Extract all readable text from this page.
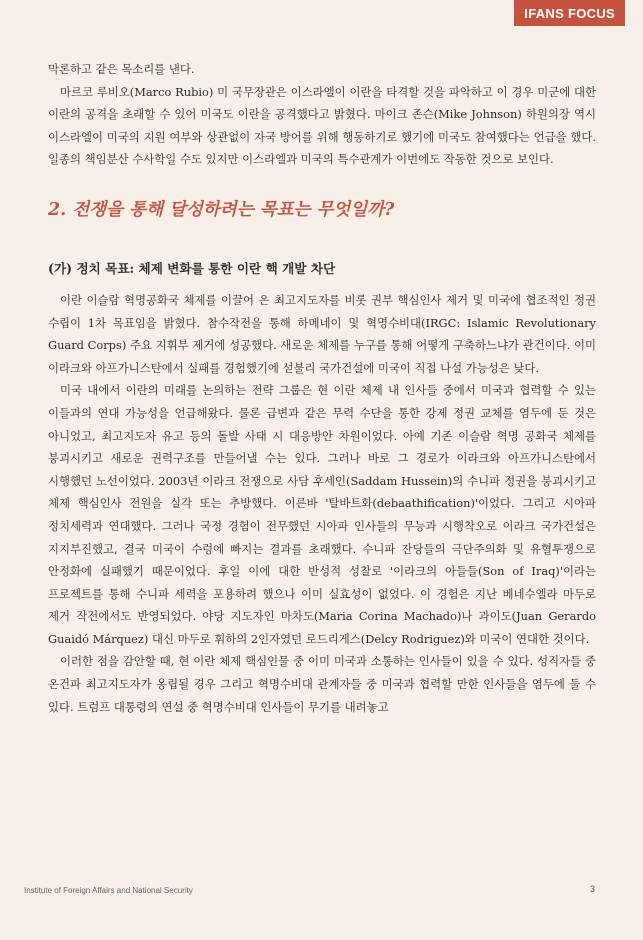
IFANS FOCUS

막론하고 같은 목소리를 낸다.

마르코 루비오(Marco Rubio) 미 국무장관은 이스라엘이 이란을 타격할 것을 파악하고 이 경우 미군에 대한 이란의 공격을 초래할 수 있어 미국도 이란을 공격했다고 밝혔다. 마이크 존슨(Mike Johnson) 하원의장 역시 이스라엘이 미국의 지원 여부와 상관없이 자국 방어를 위해 행동하기로 했기에 미국도 참여했다는 언급을 했다. 일종의 책임분산 수사학일 수도 있지만 이스라엘과 미국의 특수관계가 이번에도 작동한 것으로 보인다.

2. 전쟁을 통해 달성하려는 목표는 무엇일까?
(가) 정치 목표: 체제 변화를 통한 이란 핵 개발 차단

이란 이슬람 혁명공화국 체제를 이끌어 온 최고지도자를 비롯 권부 핵심인사 제거 및 미국에 협조적인 정권 수립이 1차 목표임을 밝혔다. 참수작전을 통해 하메네이 및 혁명수비대(IRGC: Islamic Revolutionary Guard Corps) 주요 지휘부 제거에 성공했다. 새로운 체제를 누구를 통해 어떻게 구축하느냐가 관건이다. 이미 이라크와 아프가니스탄에서 실패를 경험했기에 섣불리 국가건설에 미국이 직접 나설 가능성은 낮다.

미국 내에서 이란의 미래를 논의하는 전략 그룹은 현 이란 체제 내 인사들 중에서 미국과 협력할 수 있는 이들과의 연대 가능성을 언급해왔다. 물론 급변과 같은 무력 수단을 통한 강제 정권 교체를 염두에 둔 것은 아니었고, 최고지도자 유고 등의 돌발 사태 시 대응방안 차원이었다. 아예 기존 이슬람 혁명 공화국 체제를 붕괴시키고 새로운 권력구조를 만들어낼 수는 있다. 그러나 바로 그 경로가 이라크와 아프가니스탄에서 시행했던 노선이었다. 2003년 이라크 전쟁으로 사담 후세인(Saddam Hussein)의 수니파 정권을 붕괴시키고 체제 핵심인사 전원을 실각 또는 추방했다. 이른바 '탈바트화(debaathification)'이었다. 그리고 시아파 정치세력과 연대했다. 그러나 국정 경험이 전무했던 시아파 인사들의 무능과 시행착오로 이라크 국가건설은 지지부진했고, 결국 미국이 수렁에 빠지는 결과를 초래했다. 수니파 잔당들의 극단주의화 및 유혈투쟁으로 안정화에 실패했기 때문이었다. 후일 이에 대한 반성적 성찰로 '이라크의 아들들(Son of Iraq)'이라는 프로젝트를 통해 수니파 세력을 포용하려 했으나 이미 실효성이 없었다. 이 경험은 지난 베네수엘라 마두로 제거 작전에서도 반영되었다. 야당 지도자인 마차도(Maria Corina Machado)나 과이도(Juan Gerardo Guaidó Márquez) 대신 마두로 휘하의 2인자였던 로드리게스(Delcy Rodriguez)와 미국이 연대한 것이다.

이러한 점을 감안할 때, 현 이란 체제 핵심인물 중 이미 미국과 소통하는 인사들이 있을 수 있다. 성직자들 중 온건파 최고지도자가 옹립될 경우 그리고 혁명수비대 관계자들 중 미국과 협력할 만한 인사들을 염두에 둘 수 있다. 트럼프 대통령의 연설 중 혁명수비대 인사들이 무기를 내려놓고

Institute of Foreign Affairs and National Security	3
